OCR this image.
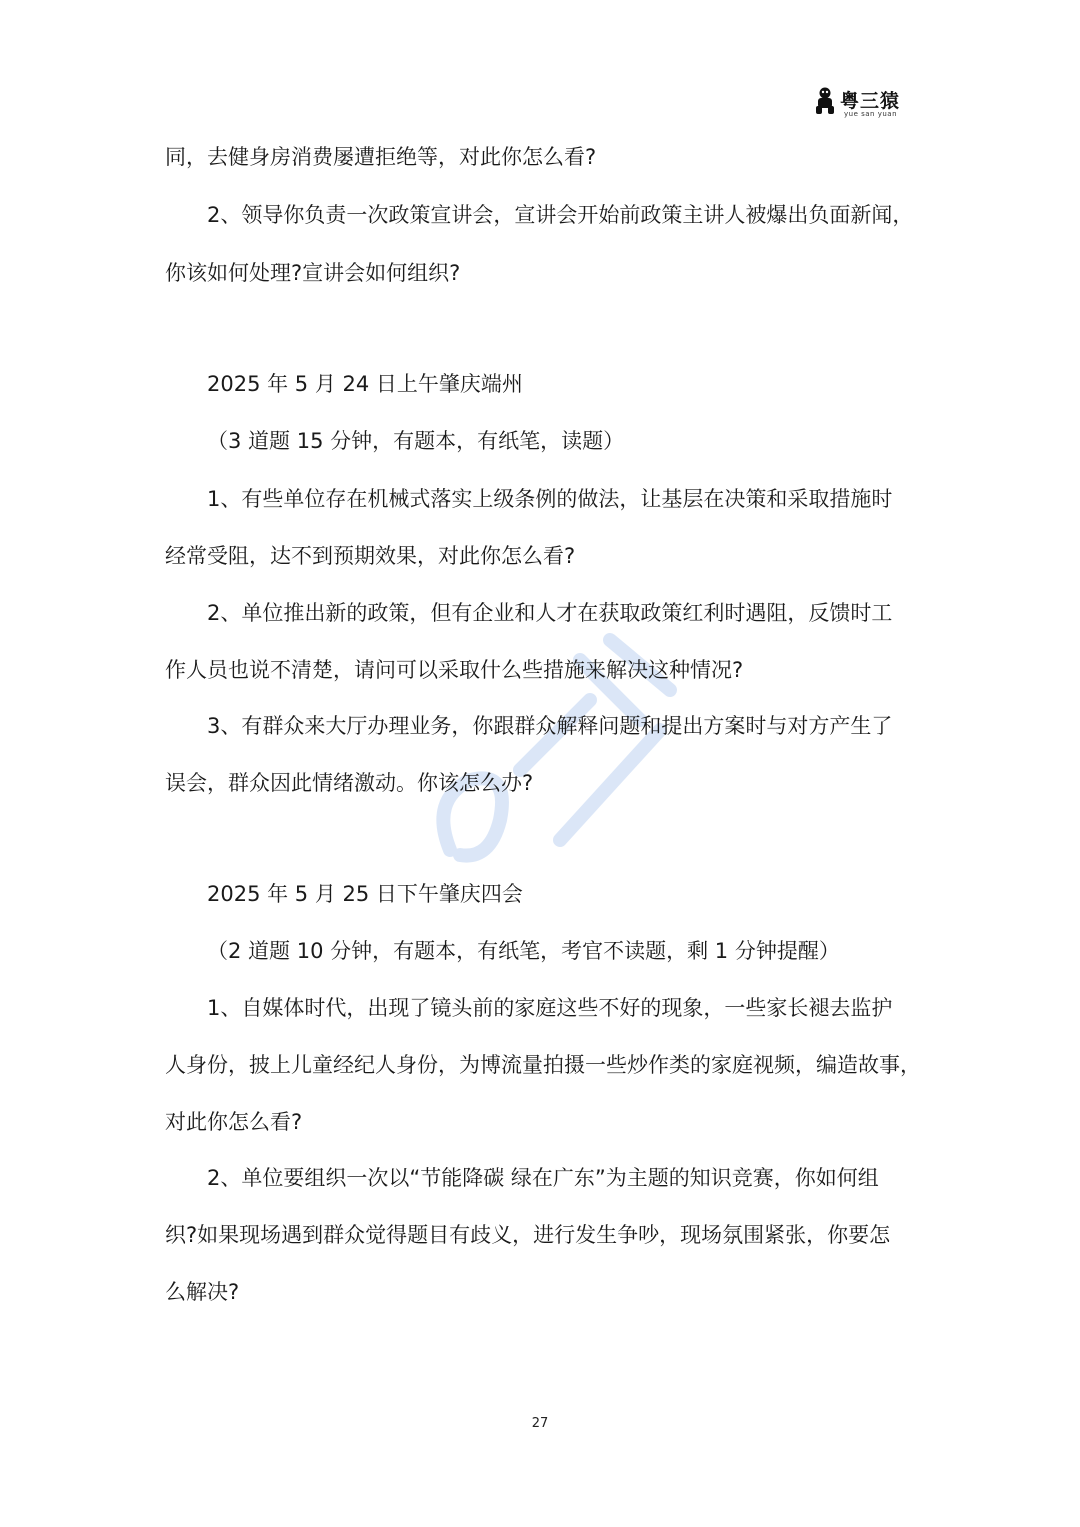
粤三猿
yue san yuan
同，去健身房消费屡遭拒绝等，对此你怎么看?
2、领导你负责一次政策宣讲会，宣讲会开始前政策主讲人被爆出负面新闻，
你该如何处理?宣讲会如何组织?
2025 年 5 月 24 日上午肇庆端州
（3 道题 15 分钟，有题本，有纸笔，读题）
1、有些单位存在机械式落实上级条例的做法，让基层在决策和采取措施时
经常受阻，达不到预期效果，对此你怎么看?
2、单位推出新的政策，但有企业和人才在获取政策红利时遇阻，反馈时工
作人员也说不清楚，请问可以采取什么些措施来解决这种情况?
3、有群众来大厅办理业务，你跟群众解释问题和提出方案时与对方产生了
误会，群众因此情绪激动。你该怎么办?
2025 年 5 月 25 日下午肇庆四会
（2 道题 10 分钟，有题本，有纸笔，考官不读题，剩 1 分钟提醒）
1、自媒体时代，出现了镜头前的家庭这些不好的现象，一些家长褪去监护
人身份，披上儿童经纪人身份，为博流量拍摄一些炒作类的家庭视频，编造故事，
对此你怎么看?
2、单位要组织一次以“节能降碳 绿在广东”为主题的知识竞赛，你如何组
织?如果现场遇到群众觉得题目有歧义，进行发生争吵，现场氛围紧张，你要怎
么解决?
27
